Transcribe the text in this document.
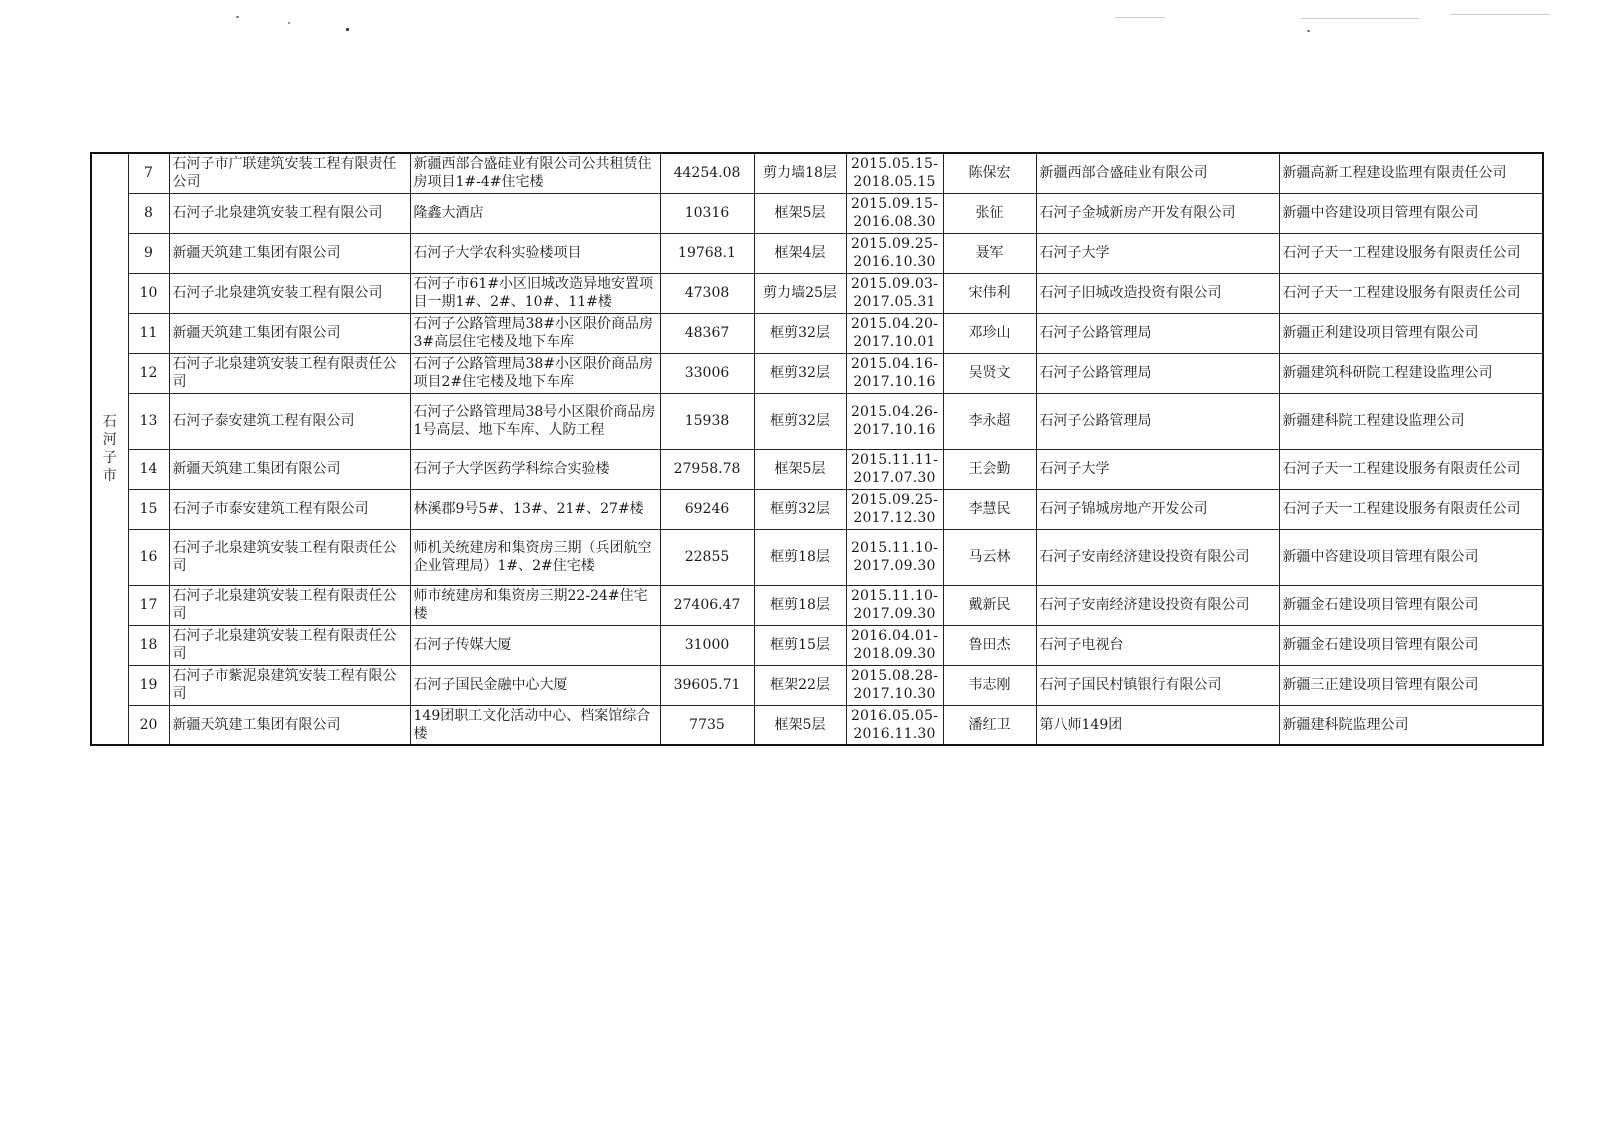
石河子市	7	石河子市广联建筑安装工程有限责任公司	新疆西部合盛硅业有限公司公共租赁住房项目1#-4#住宅楼	44254.08	剪力墙18层	2015.05.15-2018.05.15	陈保宏	新疆西部合盛硅业有限公司	新疆高新工程建设监理有限责任公司
	8	石河子北泉建筑安装工程有限公司	隆鑫大酒店	10316	框架5层	2015.09.15-2016.08.30	张征	石河子金城新房产开发有限公司	新疆中咨建设项目管理有限公司
	9	新疆天筑建工集团有限公司	石河子大学农科实验楼项目	19768.1	框架4层	2015.09.25-2016.10.30	聂军	石河子大学	石河子天一工程建设服务有限责任公司
	10	石河子北泉建筑安装工程有限公司	石河子市61#小区旧城改造异地安置项目一期1#、2#、10#、11#楼	47308	剪力墙25层	2015.09.03-2017.05.31	宋伟利	石河子旧城改造投资有限公司	石河子天一工程建设服务有限责任公司
	11	新疆天筑建工集团有限公司	石河子公路管理局38#小区限价商品房3#高层住宅楼及地下车库	48367	框剪32层	2015.04.20-2017.10.01	邓珍山	石河子公路管理局	新疆正利建设项目管理有限公司
	12	石河子北泉建筑安装工程有限责任公司	石河子公路管理局38#小区限价商品房项目2#住宅楼及地下车库	33006	框剪32层	2015.04.16-2017.10.16	吴贤文	石河子公路管理局	新疆建筑科研院工程建设监理公司
	13	石河子泰安建筑工程有限公司	石河子公路管理局38号小区限价商品房1号高层、地下车库、人防工程	15938	框剪32层	2015.04.26-2017.10.16	李永超	石河子公路管理局	新疆建科院工程建设监理公司
	14	新疆天筑建工集团有限公司	石河子大学医药学科综合实验楼	27958.78	框架5层	2015.11.11-2017.07.30	王会勤	石河子大学	石河子天一工程建设服务有限责任公司
	15	石河子市泰安建筑工程有限公司	林溪郡9号5#、13#、21#、27#楼	69246	框剪32层	2015.09.25-2017.12.30	李慧民	石河子锦城房地产开发公司	石河子天一工程建设服务有限责任公司
	16	石河子北泉建筑安装工程有限责任公司	师机关统建房和集资房三期（兵团航空企业管理局）1#、2#住宅楼	22855	框剪18层	2015.11.10-2017.09.30	马云林	石河子安南经济建设投资有限公司	新疆中咨建设项目管理有限公司
	17	石河子北泉建筑安装工程有限责任公司	师市统建房和集资房三期22-24#住宅楼	27406.47	框剪18层	2015.11.10-2017.09.30	戴新民	石河子安南经济建设投资有限公司	新疆金石建设项目管理有限公司
	18	石河子北泉建筑安装工程有限责任公司	石河子传媒大厦	31000	框剪15层	2016.04.01-2018.09.30	鲁田杰	石河子电视台	新疆金石建设项目管理有限公司
	19	石河子市紫泥泉建筑安装工程有限公司	石河子国民金融中心大厦	39605.71	框架22层	2015.08.28-2017.10.30	韦志刚	石河子国民村镇银行有限公司	新疆三正建设项目管理有限公司
	20	新疆天筑建工集团有限公司	149团职工文化活动中心、档案馆综合楼	7735	框架5层	2016.05.05-2016.11.30	潘红卫	第八师149团	新疆建科院监理公司
